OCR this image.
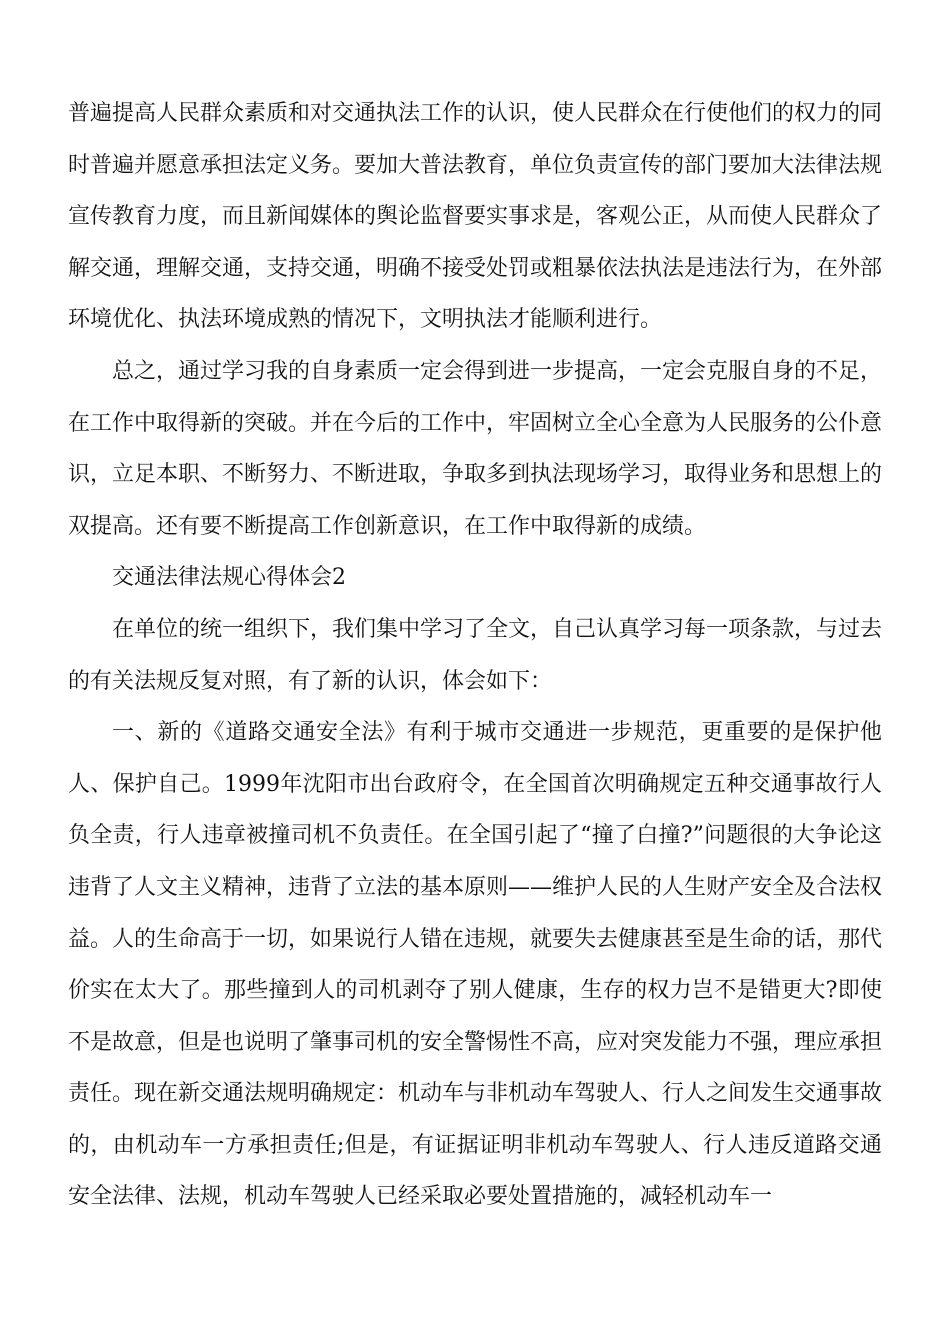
普遍提高人民群众素质和对交通执法工作的认识，使人民群众在行使他们的权力的同时普遍并愿意承担法定义务。要加大普法教育，单位负责宣传的部门要加大法律法规宣传教育力度，而且新闻媒体的舆论监督要实事求是，客观公正，从而使人民群众了解交通，理解交通，支持交通，明确不接受处罚或粗暴依法执法是违法行为，在外部环境优化、执法环境成熟的情况下，文明执法才能顺利进行。

总之，通过学习我的自身素质一定会得到进一步提高，一定会克服自身的不足，在工作中取得新的突破。并在今后的工作中，牢固树立全心全意为人民服务的公仆意识，立足本职、不断努力、不断进取，争取多到执法现场学习，取得业务和思想上的双提高。还有要不断提高工作创新意识，在工作中取得新的成绩。

交通法律法规心得体会2

在单位的统一组织下，我们集中学习了全文，自己认真学习每一项条款，与过去的有关法规反复对照，有了新的认识，体会如下：

一、新的《道路交通安全法》有利于城市交通进一步规范，更重要的是保护他人、保护自己。1999年沈阳市出台政府令，在全国首次明确规定五种交通事故行人负全责，行人违章被撞司机不负责任。在全国引起了“撞了白撞?”问题很的大争论这违背了人文主义精神，违背了立法的基本原则——维护人民的人生财产安全及合法权益。人的生命高于一切，如果说行人错在违规，就要失去健康甚至是生命的话，那代价实在太大了。那些撞到人的司机剥夺了别人健康，生存的权力岂不是错更大?即使不是故意，但是也说明了肇事司机的安全警惕性不高，应对突发能力不强，理应承担责任。现在新交通法规明确规定：机动车与非机动车驾驶人、行人之间发生交通事故的，由机动车一方承担责任;但是，有证据证明非机动车驾驶人、行人违反道路交通安全法律、法规，机动车驾驶人已经采取必要处置措施的，减轻机动车一
